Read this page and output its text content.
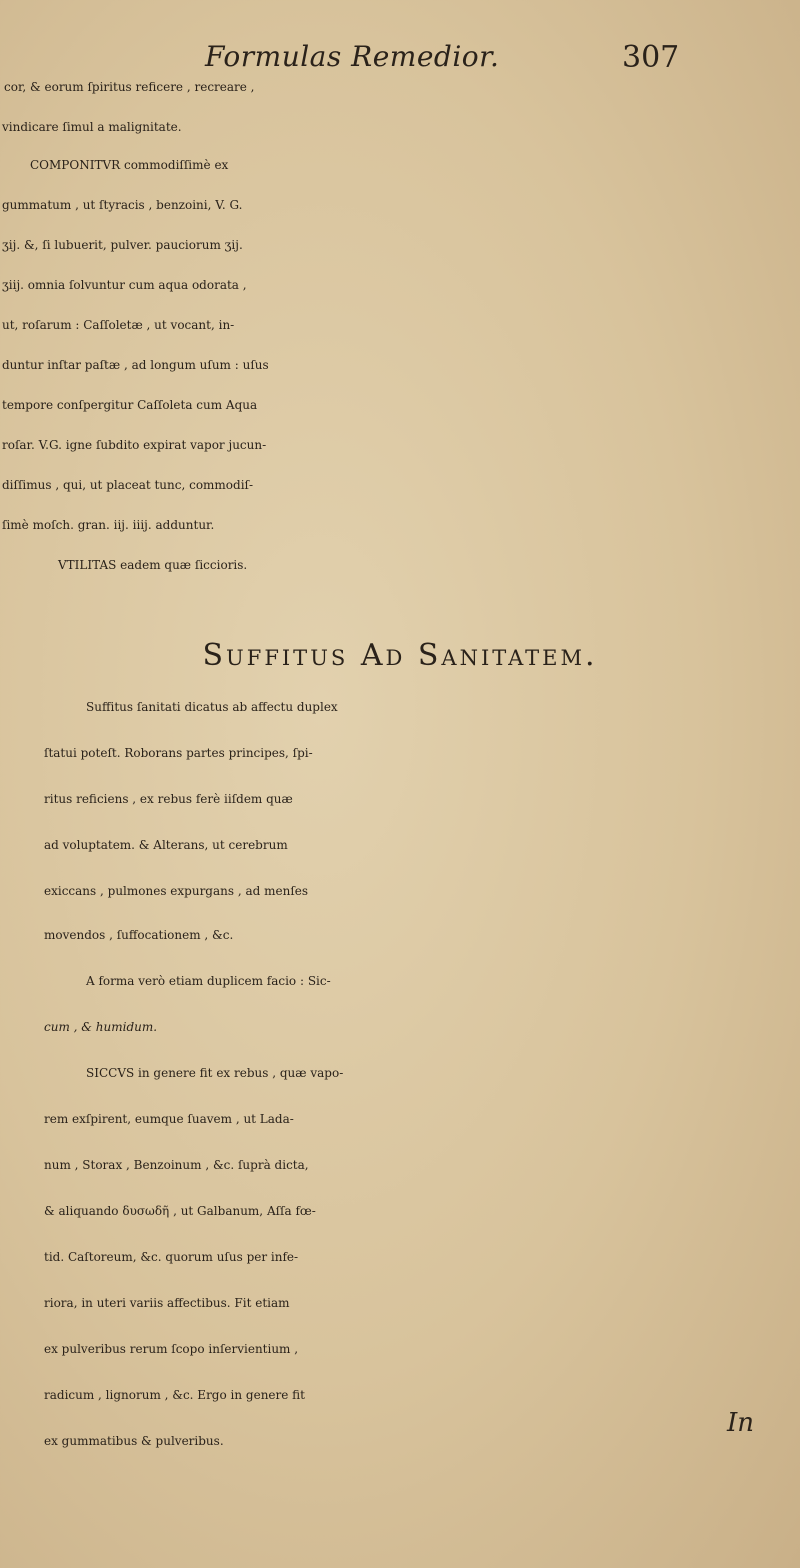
Formulas Remedior.	307
cor, & eorum ſpiritus reficere , recreare ,
vindicare ſimul a malignitate.
COMPONITVR commodiſſimè ex
gummatum , ut ſtyracis , benzoini, V. G.
ʒij. &, ſi lubuerit, pulver. pauciorum ʒij.
ʒiij. omnia ſolvuntur cum aqua odorata ,
ut, roſarum : Caſſoletæ , ut vocant, in-
duntur inſtar paſtæ , ad longum uſum : uſus
tempore conſpergitur Caſſoleta cum Aqua
roſar. V.G. igne ſubdito expirat vapor jucun-
diſſimus , qui, ut placeat tunc, commodiſ-
ſimè moſch. gran. iij. iiij. adduntur.
VTILITAS eadem quæ ſiccioris.
Suffitus Ad Sanitatem.
Suffitus ſanitati dicatus ab affectu duplex
ſtatui poteſt. Roborans partes principes, ſpi-
ritus reficiens , ex rebus ferè iiſdem quæ
ad voluptatem. & Alterans, ut cerebrum
exiccans , pulmones expurgans , ad menſes
movendos , ſuffocationem , &c.
A forma verò etiam duplicem facio : Sic-
cum , & humidum.
SICCVS in genere fit ex rebus , quæ vapo-
rem exſpirent, eumque ſuavem , ut Lada-
num , Storax , Benzoinum , &c. ſuprà dicta,
& aliquando δυσωδῆ , ut Galbanum, Aſſa fœ-
tid. Caſtoreum, &c. quorum uſus per infe-
riora, in uteri variis affectibus. Fit etiam
ex pulveribus rerum ſcopo inſervientium ,
radicum , lignorum , &c. Ergo in genere fit
ex gummatibus & pulveribus.
In
